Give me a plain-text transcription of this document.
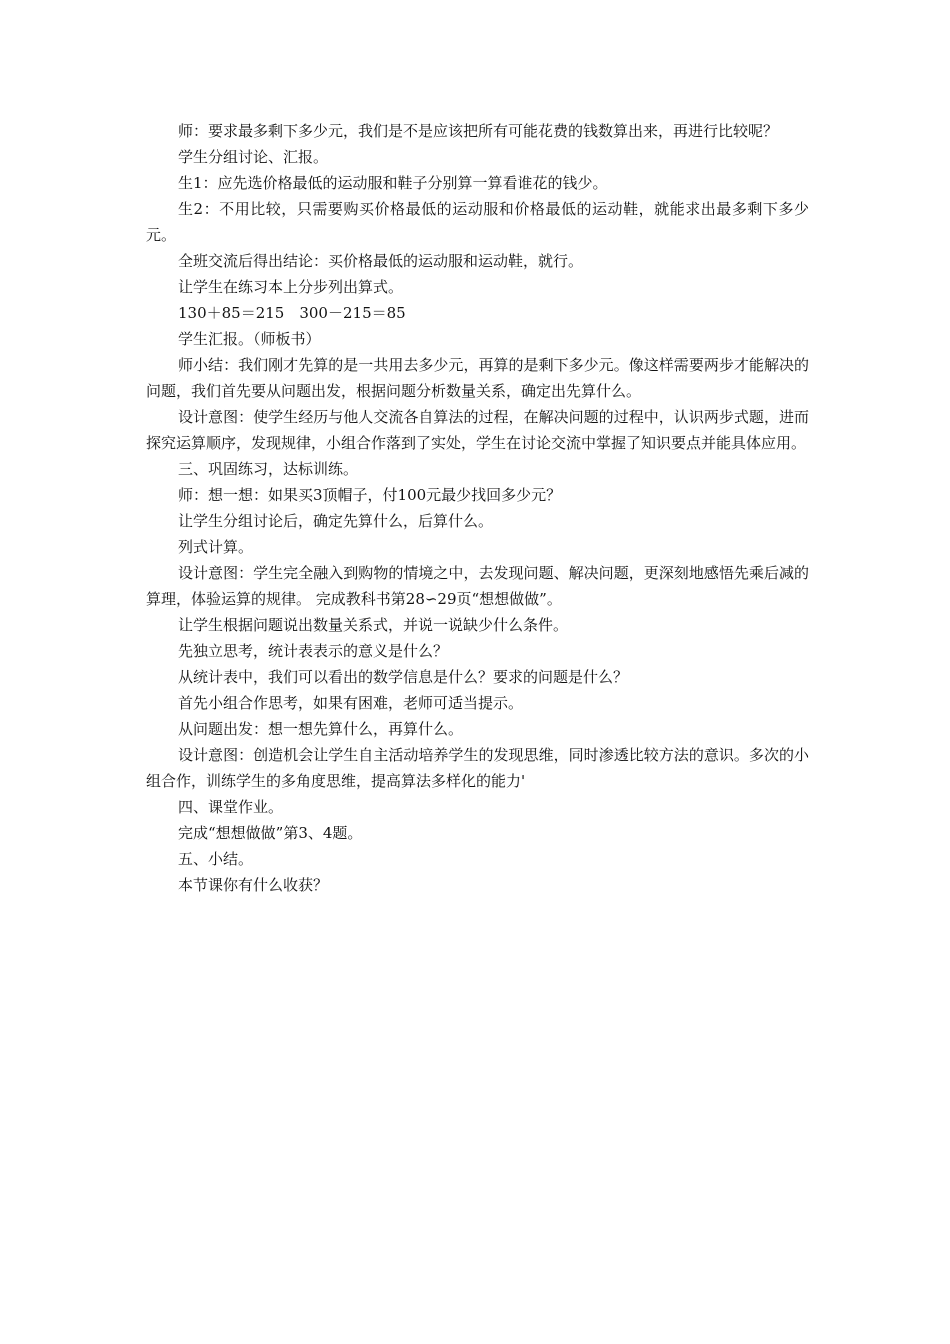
师：要求最多剩下多少元，我们是不是应该把所有可能花费的钱数算出来，再进行比较呢？

学生分组讨论、汇报。

生1：应先选价格最低的运动服和鞋子分别算一算看谁花的钱少。

生2：不用比较，只需要购买价格最低的运动服和价格最低的运动鞋，就能求出最多剩下多少元。

全班交流后得出结论：买价格最低的运动服和运动鞋，就行。

让学生在练习本上分步列出算式。

130＋85＝215　300－215＝85

学生汇报。（师板书）

师小结：我们刚才先算的是一共用去多少元，再算的是剩下多少元。像这样需要两步才能解决的问题，我们首先要从问题出发，根据问题分析数量关系，确定出先算什么。

设计意图：使学生经历与他人交流各自算法的过程，在解决问题的过程中，认识两步式题，进而探究运算顺序，发现规律，小组合作落到了实处，学生在讨论交流中掌握了知识要点并能具体应用。

三、巩固练习，达标训练。

师：想一想：如果买3顶帽子，付100元最少找回多少元？

让学生分组讨论后，确定先算什么，后算什么。

列式计算。

设计意图：学生完全融入到购物的情境之中，去发现问题、解决问题，更深刻地感悟先乘后减的算理，体验运算的规律。 完成教科书第28∽29页“想想做做”。

让学生根据问题说出数量关系式，并说一说缺少什么条件。

先独立思考，统计表表示的意义是什么？

从统计表中，我们可以看出的数学信息是什么？要求的问题是什么？

首先小组合作思考，如果有困难，老师可适当提示。

从问题出发：想一想先算什么，再算什么。

设计意图：创造机会让学生自主活动培养学生的发现思维，同时渗透比较方法的意识。多次的小组合作，训练学生的多角度思维，提高算法多样化的能力'

四、课堂作业。

完成“想想做做”第3、4题。

五、小结。

本节课你有什么收获？
